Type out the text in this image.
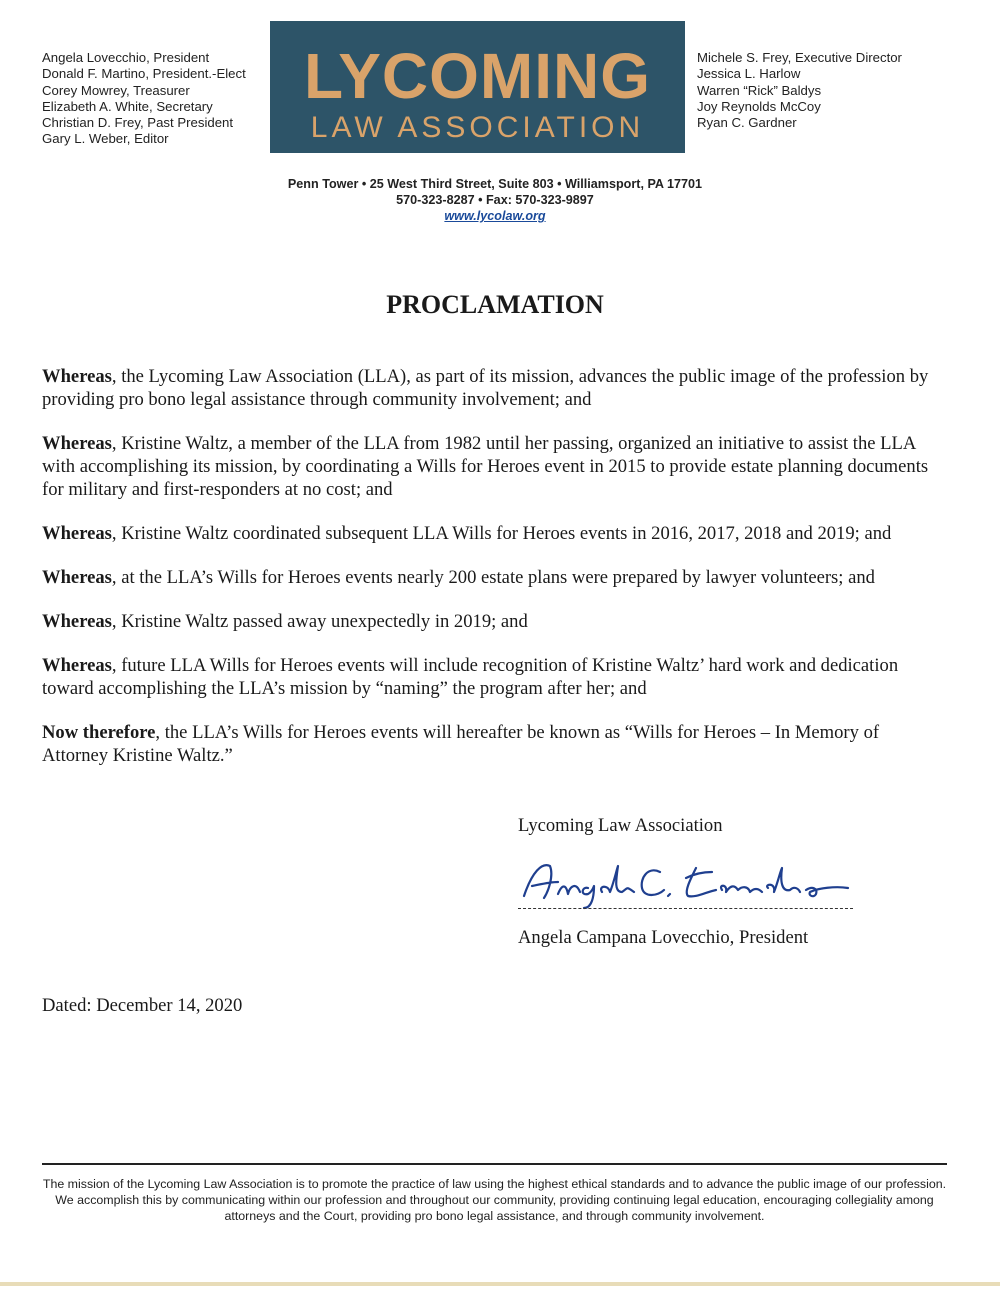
Angela Lovecchio, President
Donald F. Martino, President.-Elect
Corey Mowrey, Treasurer
Elizabeth A. White, Secretary
Christian D. Frey, Past President
Gary L. Weber, Editor
LYCOMING
LAW ASSOCIATION
Michele S. Frey, Executive Director
Jessica L. Harlow
Warren “Rick” Baldys
Joy Reynolds McCoy
Ryan C. Gardner
Penn Tower • 25 West Third Street, Suite 803 • Williamsport, PA 17701
570-323-8287 • Fax: 570-323-9897
www.lycolaw.org
PROCLAMATION

Whereas, the Lycoming Law Association (LLA), as part of its mission, advances the public image of the profession by providing pro bono legal assistance through community involvement; and

Whereas, Kristine Waltz, a member of the LLA from 1982 until her passing, organized an initiative to assist the LLA with accomplishing its mission, by coordinating a Wills for Heroes event in 2015 to provide estate planning documents for military and first-responders at no cost; and

Whereas, Kristine Waltz coordinated subsequent LLA Wills for Heroes events in 2016, 2017, 2018 and 2019; and

Whereas, at the LLA’s Wills for Heroes events nearly 200 estate plans were prepared by lawyer volunteers; and

Whereas, Kristine Waltz passed away unexpectedly in 2019; and

Whereas, future LLA Wills for Heroes events will include recognition of Kristine Waltz’ hard work and dedication toward accomplishing the LLA’s mission by “naming” the program after her; and

Now therefore, the LLA’s Wills for Heroes events will hereafter be known as “Wills for Heroes – In Memory of Attorney Kristine Waltz.”

Lycoming Law Association
Angela Campana Lovecchio, President
Dated: December 14, 2020
The mission of the Lycoming Law Association is to promote the practice of law using the highest ethical standards and to advance the public image of our profession. We accomplish this by communicating within our profession and throughout our community, providing continuing legal education, encouraging collegiality among attorneys and the Court, providing pro bono legal assistance, and through community involvement.
